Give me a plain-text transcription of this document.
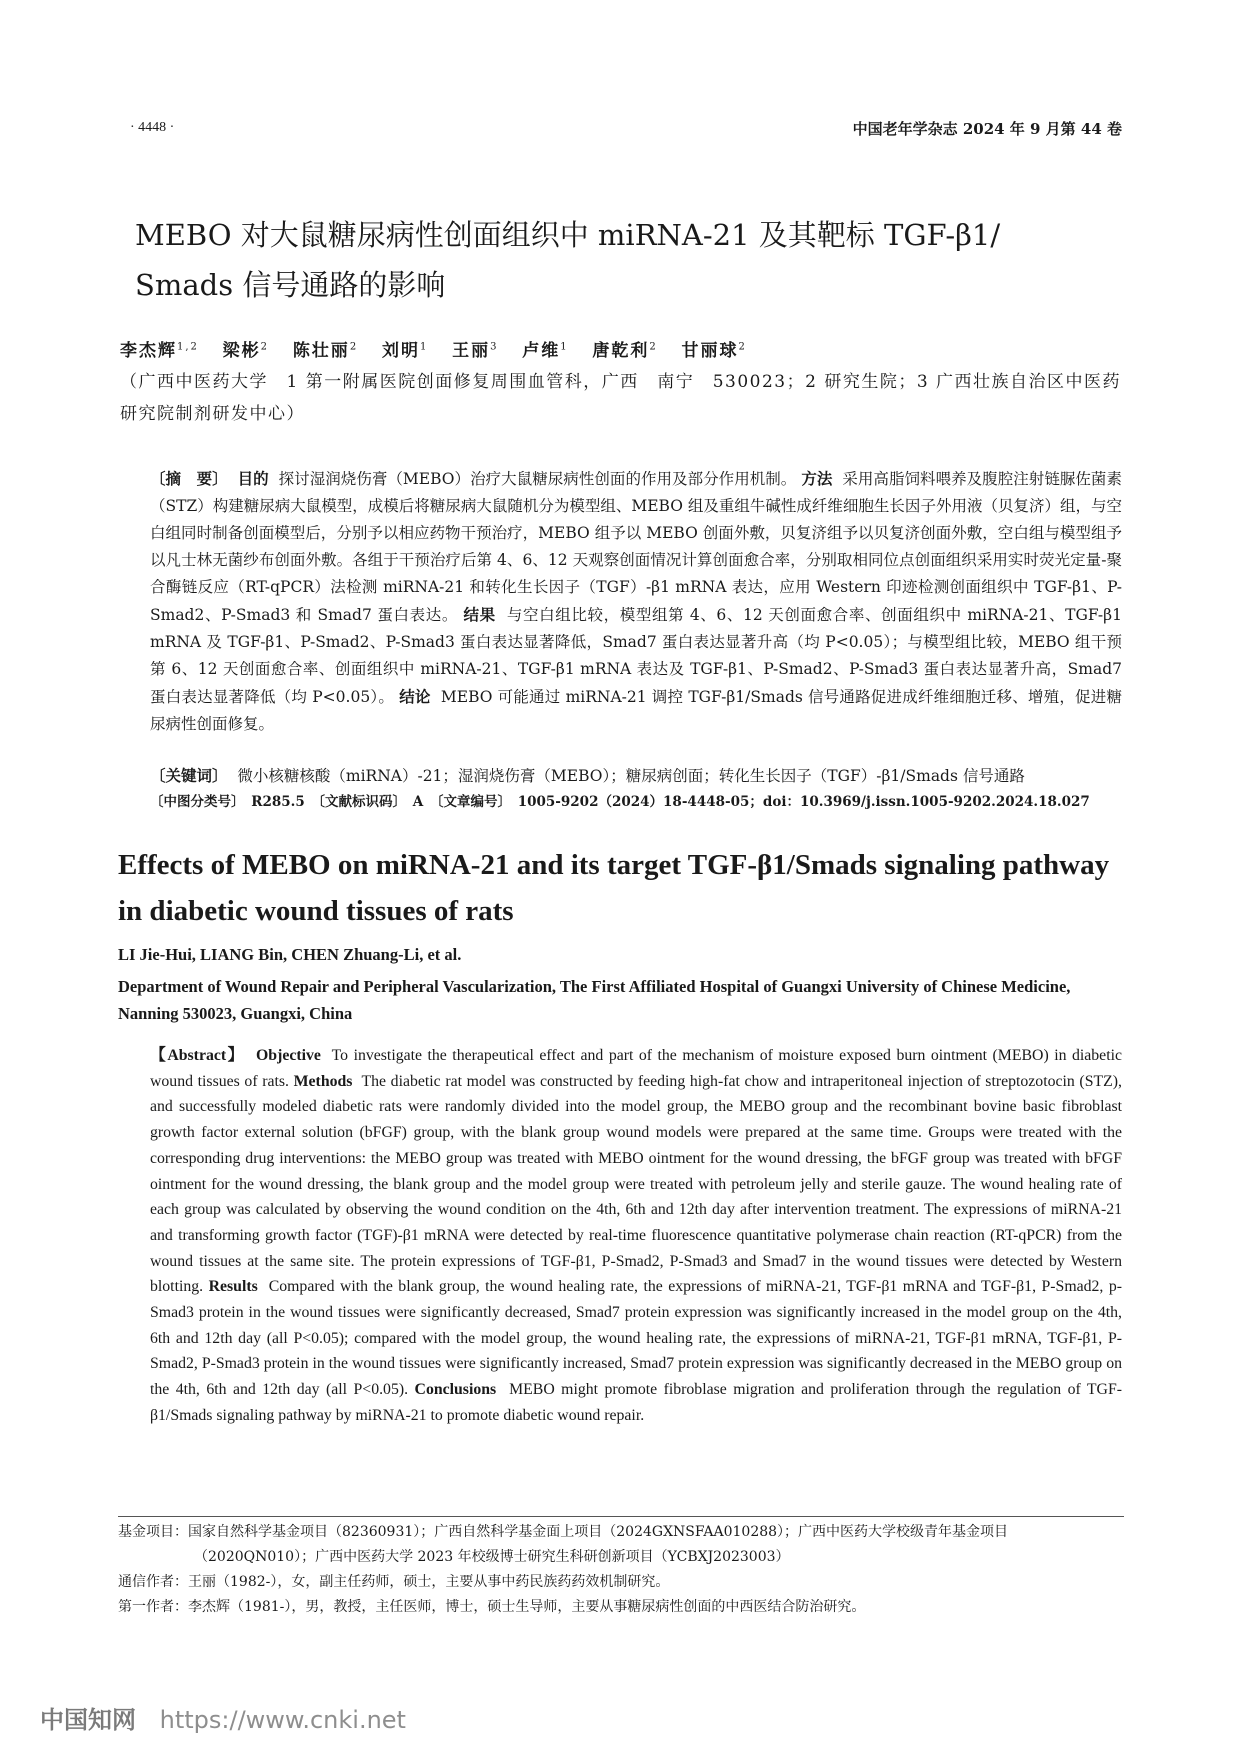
· 4448 ·	中国老年学杂志 2024 年 9 月第 44 卷
MEBO 对大鼠糖尿病性创面组织中 miRNA-21 及其靶标 TGF-β1/
Smads 信号通路的影响
李杰辉$^{1,2}$ 梁彬$^2$ 陈壮丽$^2$ 刘明$^1$ 王丽$^3$ 卢维$^1$ 唐乾利$^2$ 甘丽球$^2$
（广西中医药大学　1 第一附属医院创面修复周围血管科，广西　南宁　530023；2 研究生院；3 广西壮族自治区中医药研究院制剂研发中心）
〔摘　要〕 目的 探讨湿润烧伤膏（MEBO）治疗大鼠糖尿病性创面的作用及部分作用机制。 方法 采用高脂饲料喂养及腹腔注射链脲佐菌素（STZ）构建糖尿病大鼠模型，成模后将糖尿病大鼠随机分为模型组、MEBO 组及重组牛碱性成纤维细胞生长因子外用液（贝复济）组，与空白组同时制备创面模型后，分别予以相应药物干预治疗，MEBO 组予以 MEBO 创面外敷，贝复济组予以贝复济创面外敷，空白组与模型组予以凡士林无菌纱布创面外敷。各组于干预治疗后第 4、6、12 天观察创面情况计算创面愈合率，分别取相同位点创面组织采用实时荧光定量-聚合酶链反应（RT-qPCR）法检测 miRNA-21 和转化生长因子（TGF）-β1 mRNA 表达，应用 Western 印迹检测创面组织中 TGF-β1、P-Smad2、P-Smad3 和 Smad7 蛋白表达。 结果 与空白组比较，模型组第 4、6、12 天创面愈合率、创面组织中 miRNA-21、TGF-β1 mRNA 及 TGF-β1、P-Smad2、P-Smad3 蛋白表达显著降低，Smad7 蛋白表达显著升高（均 P<0.05）；与模型组比较，MEBO 组干预第 6、12 天创面愈合率、创面组织中 miRNA-21、TGF-β1 mRNA 表达及 TGF-β1、P-Smad2、P-Smad3 蛋白表达显著升高，Smad7 蛋白表达显著降低（均 P<0.05）。 结论 MEBO 可能通过 miRNA-21 调控 TGF-β1/Smads 信号通路促进成纤维细胞迁移、增殖，促进糖尿病性创面修复。
〔关键词〕 微小核糖核酸（miRNA）-21；湿润烧伤膏（MEBO）；糖尿病创面；转化生长因子（TGF）-β1/Smads 信号通路
〔中图分类号〕　R285.5　〔文献标识码〕　A　〔文章编号〕　1005-9202（2024）18-4448-05；doi：10.3969/j.issn.1005-9202.2024.18.027
Effects of MEBO on miRNA-21 and its target TGF-β1/Smads signaling pathway in diabetic wound tissues of rats
LI Jie-Hui, LIANG Bin, CHEN Zhuang-Li, et al.
Department of Wound Repair and Peripheral Vascularization, The First Affiliated Hospital of Guangxi University of Chinese Medicine, Nanning 530023, Guangxi, China
【Abstract】 Objective To investigate the therapeutical effect and part of the mechanism of moisture exposed burn ointment (MEBO) in diabetic wound tissues of rats. Methods The diabetic rat model was constructed by feeding high-fat chow and intraperitoneal injection of streptozotocin (STZ), and successfully modeled diabetic rats were randomly divided into the model group, the MEBO group and the recombinant bovine basic fibroblast growth factor external solution (bFGF) group, with the blank group wound models were prepared at the same time. Groups were treated with the corresponding drug interventions: the MEBO group was treated with MEBO ointment for the wound dressing, the bFGF group was treated with bFGF ointment for the wound dressing, the blank group and the model group were treated with petroleum jelly and sterile gauze. The wound healing rate of each group was calculated by observing the wound condition on the 4th, 6th and 12th day after intervention treatment. The expressions of miRNA-21 and transforming growth factor (TGF)-β1 mRNA were detected by real-time fluorescence quantitative polymerase chain reaction (RT-qPCR) from the wound tissues at the same site. The protein expressions of TGF-β1, P-Smad2, P-Smad3 and Smad7 in the wound tissues were detected by Western blotting. Results Compared with the blank group, the wound healing rate, the expressions of miRNA-21, TGF-β1 mRNA and TGF-β1, P-Smad2, p-Smad3 protein in the wound tissues were significantly decreased, Smad7 protein expression was significantly increased in the model group on the 4th, 6th and 12th day (all P<0.05); compared with the model group, the wound healing rate, the expressions of miRNA-21, TGF-β1 mRNA, TGF-β1, P-Smad2, P-Smad3 protein in the wound tissues were significantly increased, Smad7 protein expression was significantly decreased in the MEBO group on the 4th, 6th and 12th day (all P<0.05). Conclusions MEBO might promote fibroblase migration and proliferation through the regulation of TGF-β1/Smads signaling pathway by miRNA-21 to promote diabetic wound repair.
基金项目：国家自然科学基金项目（82360931）；广西自然科学基金面上项目（2024GXNSFAA010288）；广西中医药大学校级青年基金项目
（2020QN010）；广西中医药大学 2023 年校级博士研究生科研创新项目（YCBXJ2023003）
通信作者：王丽（1982-），女，副主任药师，硕士，主要从事中药民族药药效机制研究。
第一作者：李杰辉（1981-），男，教授，主任医师，博士，硕士生导师，主要从事糖尿病性创面的中西医结合防治研究。
中国知网 https://www.cnki.net
